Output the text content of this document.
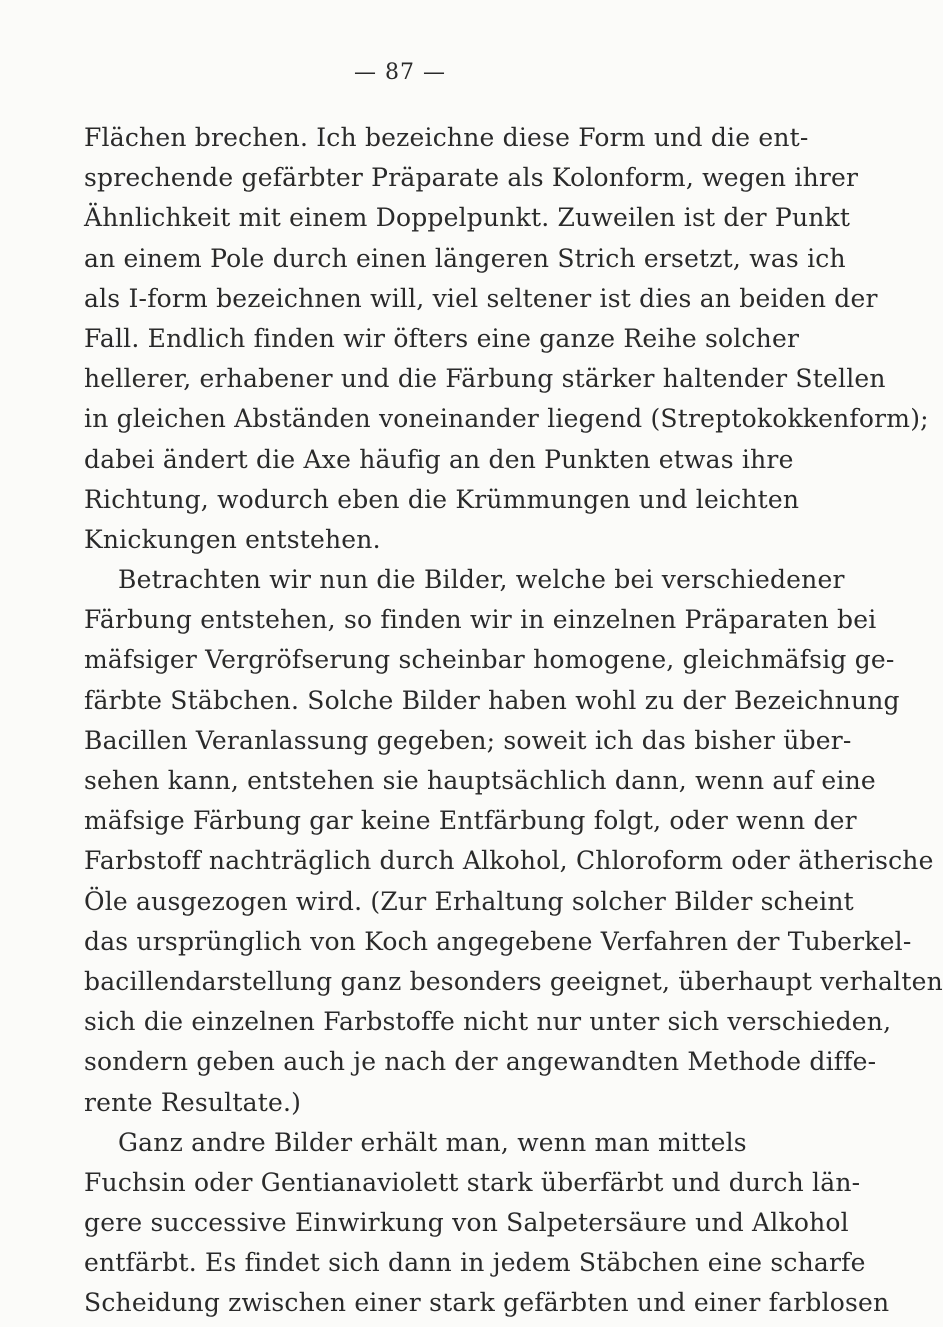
— 87 —
Flächen brechen. Ich bezeichne diese Form und die ent-
sprechende gefärbter Präparate als Kolonform, wegen ihrer
Ähnlichkeit mit einem Doppelpunkt. Zuweilen ist der Punkt
an einem Pole durch einen längeren Strich ersetzt, was ich
als I-form bezeichnen will, viel seltener ist dies an beiden der
Fall. Endlich finden wir öfters eine ganze Reihe solcher
hellerer, erhabener und die Färbung stärker haltender Stellen
in gleichen Abständen voneinander liegend (Streptokokkenform);
dabei ändert die Axe häufig an den Punkten etwas ihre
Richtung, wodurch eben die Krümmungen und leichten
Knickungen entstehen.
Betrachten wir nun die Bilder, welche bei verschiedener
Färbung entstehen, so finden wir in einzelnen Präparaten bei
mäfsiger Vergröfserung scheinbar homogene, gleichmäfsig ge-
färbte Stäbchen. Solche Bilder haben wohl zu der Bezeichnung
Bacillen Veranlassung gegeben; soweit ich das bisher über-
sehen kann, entstehen sie hauptsächlich dann, wenn auf eine
mäfsige Färbung gar keine Entfärbung folgt, oder wenn der
Farbstoff nachträglich durch Alkohol, Chloroform oder ätherische
Öle ausgezogen wird. (Zur Erhaltung solcher Bilder scheint
das ursprünglich von Koch angegebene Verfahren der Tuberkel-
bacillendarstellung ganz besonders geeignet, überhaupt verhalten
sich die einzelnen Farbstoffe nicht nur unter sich verschieden,
sondern geben auch je nach der angewandten Methode diffe-
rente Resultate.)
Ganz andre Bilder erhält man, wenn man mittels
Fuchsin oder Gentianaviolett stark überfärbt und durch län-
gere successive Einwirkung von Salpetersäure und Alkohol
entfärbt. Es findet sich dann in jedem Stäbchen eine scharfe
Scheidung zwischen einer stark gefärbten und einer farblosen
